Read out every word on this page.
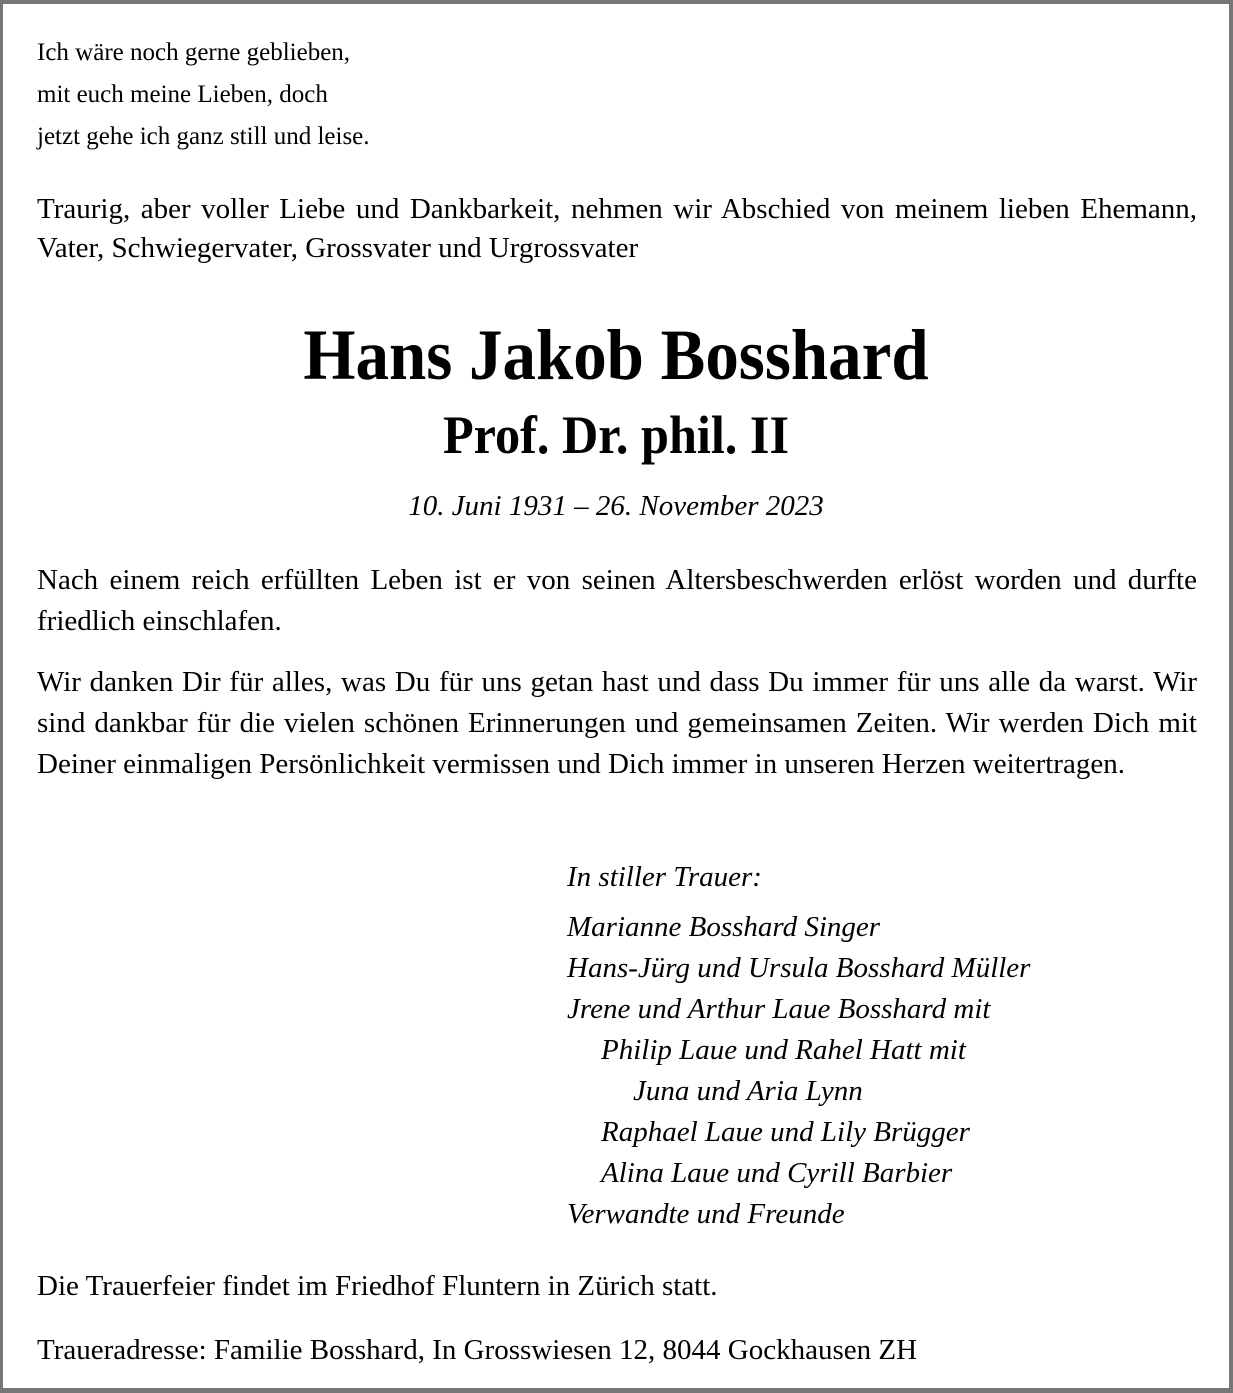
Ich wäre noch gerne geblieben,
mit euch meine Lieben, doch
jetzt gehe ich ganz still und leise.

Traurig, aber voller Liebe und Dankbarkeit, nehmen wir Abschied von meinem lieben Ehemann, Vater, Schwiegervater, Grossvater und Urgrossvater

Hans Jakob Bosshard
Prof. Dr. phil. II

10. Juni 1931 – 26. November 2023

Nach einem reich erfüllten Leben ist er von seinen Altersbeschwerden erlöst worden und durfte friedlich einschlafen.

Wir danken Dir für alles, was Du für uns getan hast und dass Du immer für uns alle da warst. Wir sind dankbar für die vielen schönen Erinnerungen und gemeinsamen Zeiten. Wir werden Dich mit Deiner einmaligen Persönlichkeit vermissen und Dich immer in unseren Herzen weitertragen.

In stiller Trauer:
Marianne Bosshard Singer
Hans-Jürg und Ursula Bosshard Müller
Jrene und Arthur Laue Bosshard mit
Philip Laue und Rahel Hatt mit
Juna und Aria Lynn
Raphael Laue und Lily Brügger
Alina Laue und Cyrill Barbier
Verwandte und Freunde

Die Trauerfeier findet im Friedhof Fluntern in Zürich statt.

Traueradresse: Familie Bosshard, In Grosswiesen 12, 8044 Gockhausen ZH
